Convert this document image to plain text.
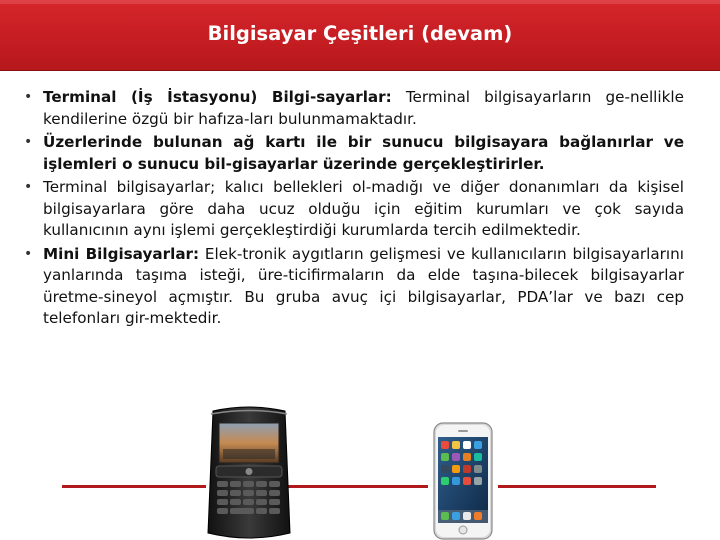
Bilgisayar Çeşitleri (devam)
• Terminal (İş İstasyonu) Bilgi-sayarlar: Terminal bilgisayarların ge-nellikle kendilerine özgü bir hafıza-ları bulunmamaktadır.
• Üzerlerinde bulunan ağ kartı ile bir sunucu bilgisayara bağlanırlar ve işlemleri o sunucu bil-gisayarlar üzerinde gerçekleştirirler.
• Terminal bilgisayarlar; kalıcı bellekleri ol-madığı ve diğer donanımları da kişisel bilgisayarlara göre daha ucuz olduğu için eğitim kurumları ve çok sayıda kullanıcının aynı işlemi gerçekleştirdiği kurumlarda tercih edilmektedir.
• Mini Bilgisayarlar: Elek-tronik aygıtların gelişmesi ve kullanıcıların bilgisayarlarını yanlarında taşıma isteği, üre-ticifirmaların da elde taşına-bilecek bilgisayarlar üretme-sineyol açmıştır. Bu gruba avuç içi bilgisayarlar, PDA’lar ve bazı cep telefonları gir-mektedir.
